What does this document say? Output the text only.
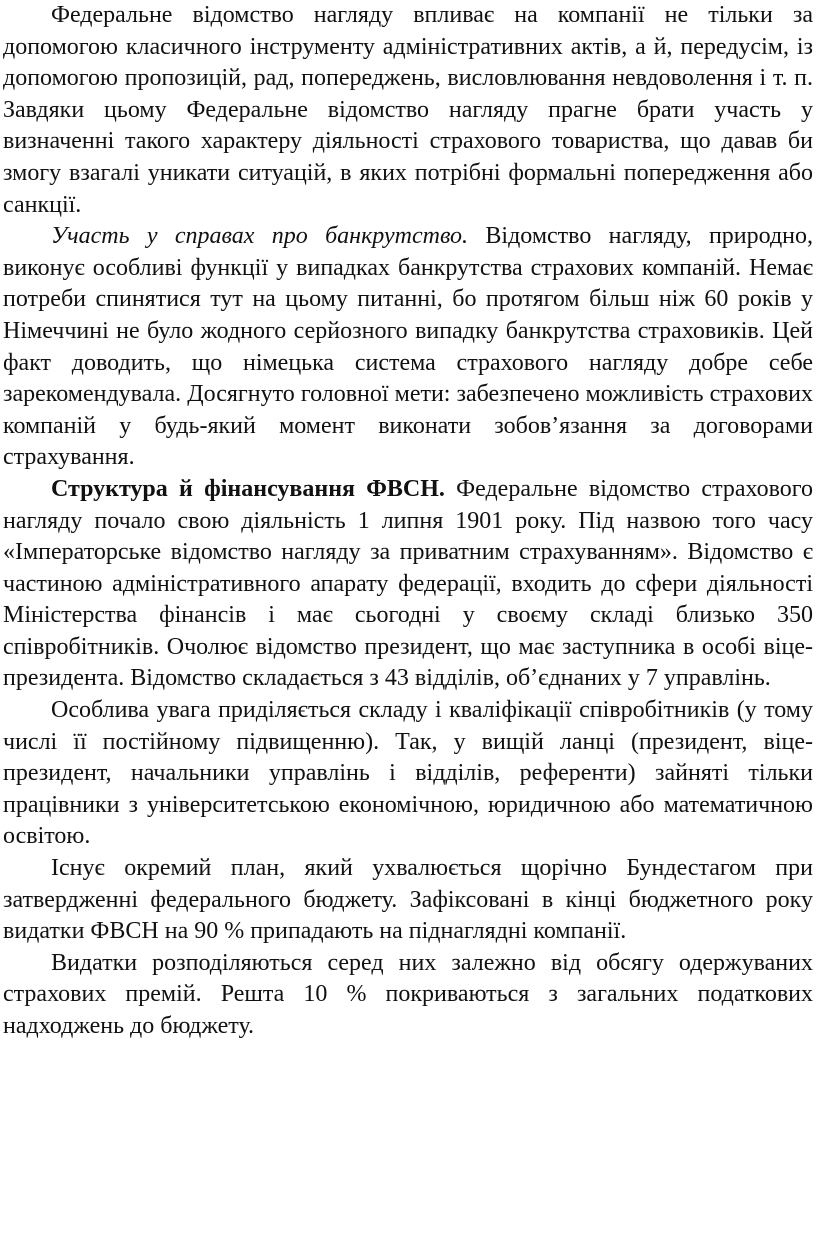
Федеральне відомство нагляду впливає на компанії не тільки за допомогою класичного інструменту адміністративних актів, а й, передусім, із допомогою пропозицій, рад, попереджень, висловлювання невдоволення і т. п. Завдяки цьому Федеральне відомство нагляду прагне брати участь у визначенні такого характеру діяльності страхового товариства, що давав би змогу взагалі уникати ситуацій, в яких потрібні формальні попередження або санкції.

Участь у справах про банкрутство. Відомство нагляду, природно, виконує особливі функції у випадках банкрутства страхових компаній. Немає потреби спинятися тут на цьому питанні, бо протягом більш ніж 60 років у Німеччині не було жодного серйозного випадку банкрутства страховиків. Цей факт доводить, що німецька система страхового нагляду добре себе зарекомендувала. Досягнуто головної мети: забезпечено можливість страхових компаній у будь-який момент виконати зобов’язання за договорами страхування.

Структура й фінансування ФВСН. Федеральне відомство страхового нагляду почало свою діяльність 1 липня 1901 року. Під назвою того часу «Імператорське відомство нагляду за приватним страхуванням». Відомство є частиною адміністративного апарату федерації, входить до сфери діяльності Міністерства фінансів і має сьогодні у своєму складі близько 350 співробітників. Очолює відомство президент, що має заступника в особі віце-президента. Відомство складається з 43 відділів, об’єднаних у 7 управлінь.

Особлива увага приділяється складу і кваліфікації співробітників (у тому числі її постійному підвищенню). Так, у вищій ланці (президент, віце-президент, начальники управлінь і відділів, референти) зайняті тільки працівники з університетською економічною, юридичною або математичною освітою.

Існує окремий план, який ухвалюється щорічно Бундестагом при затвердженні федерального бюджету. Зафіксовані в кінці бюджетного року видатки ФВСН на 90 % припадають на піднаглядні компанії.

Видатки розподіляються серед них залежно від обсягу одержуваних страхових премій. Решта 10 % покриваються з загальних податкових надходжень до бюджету.
